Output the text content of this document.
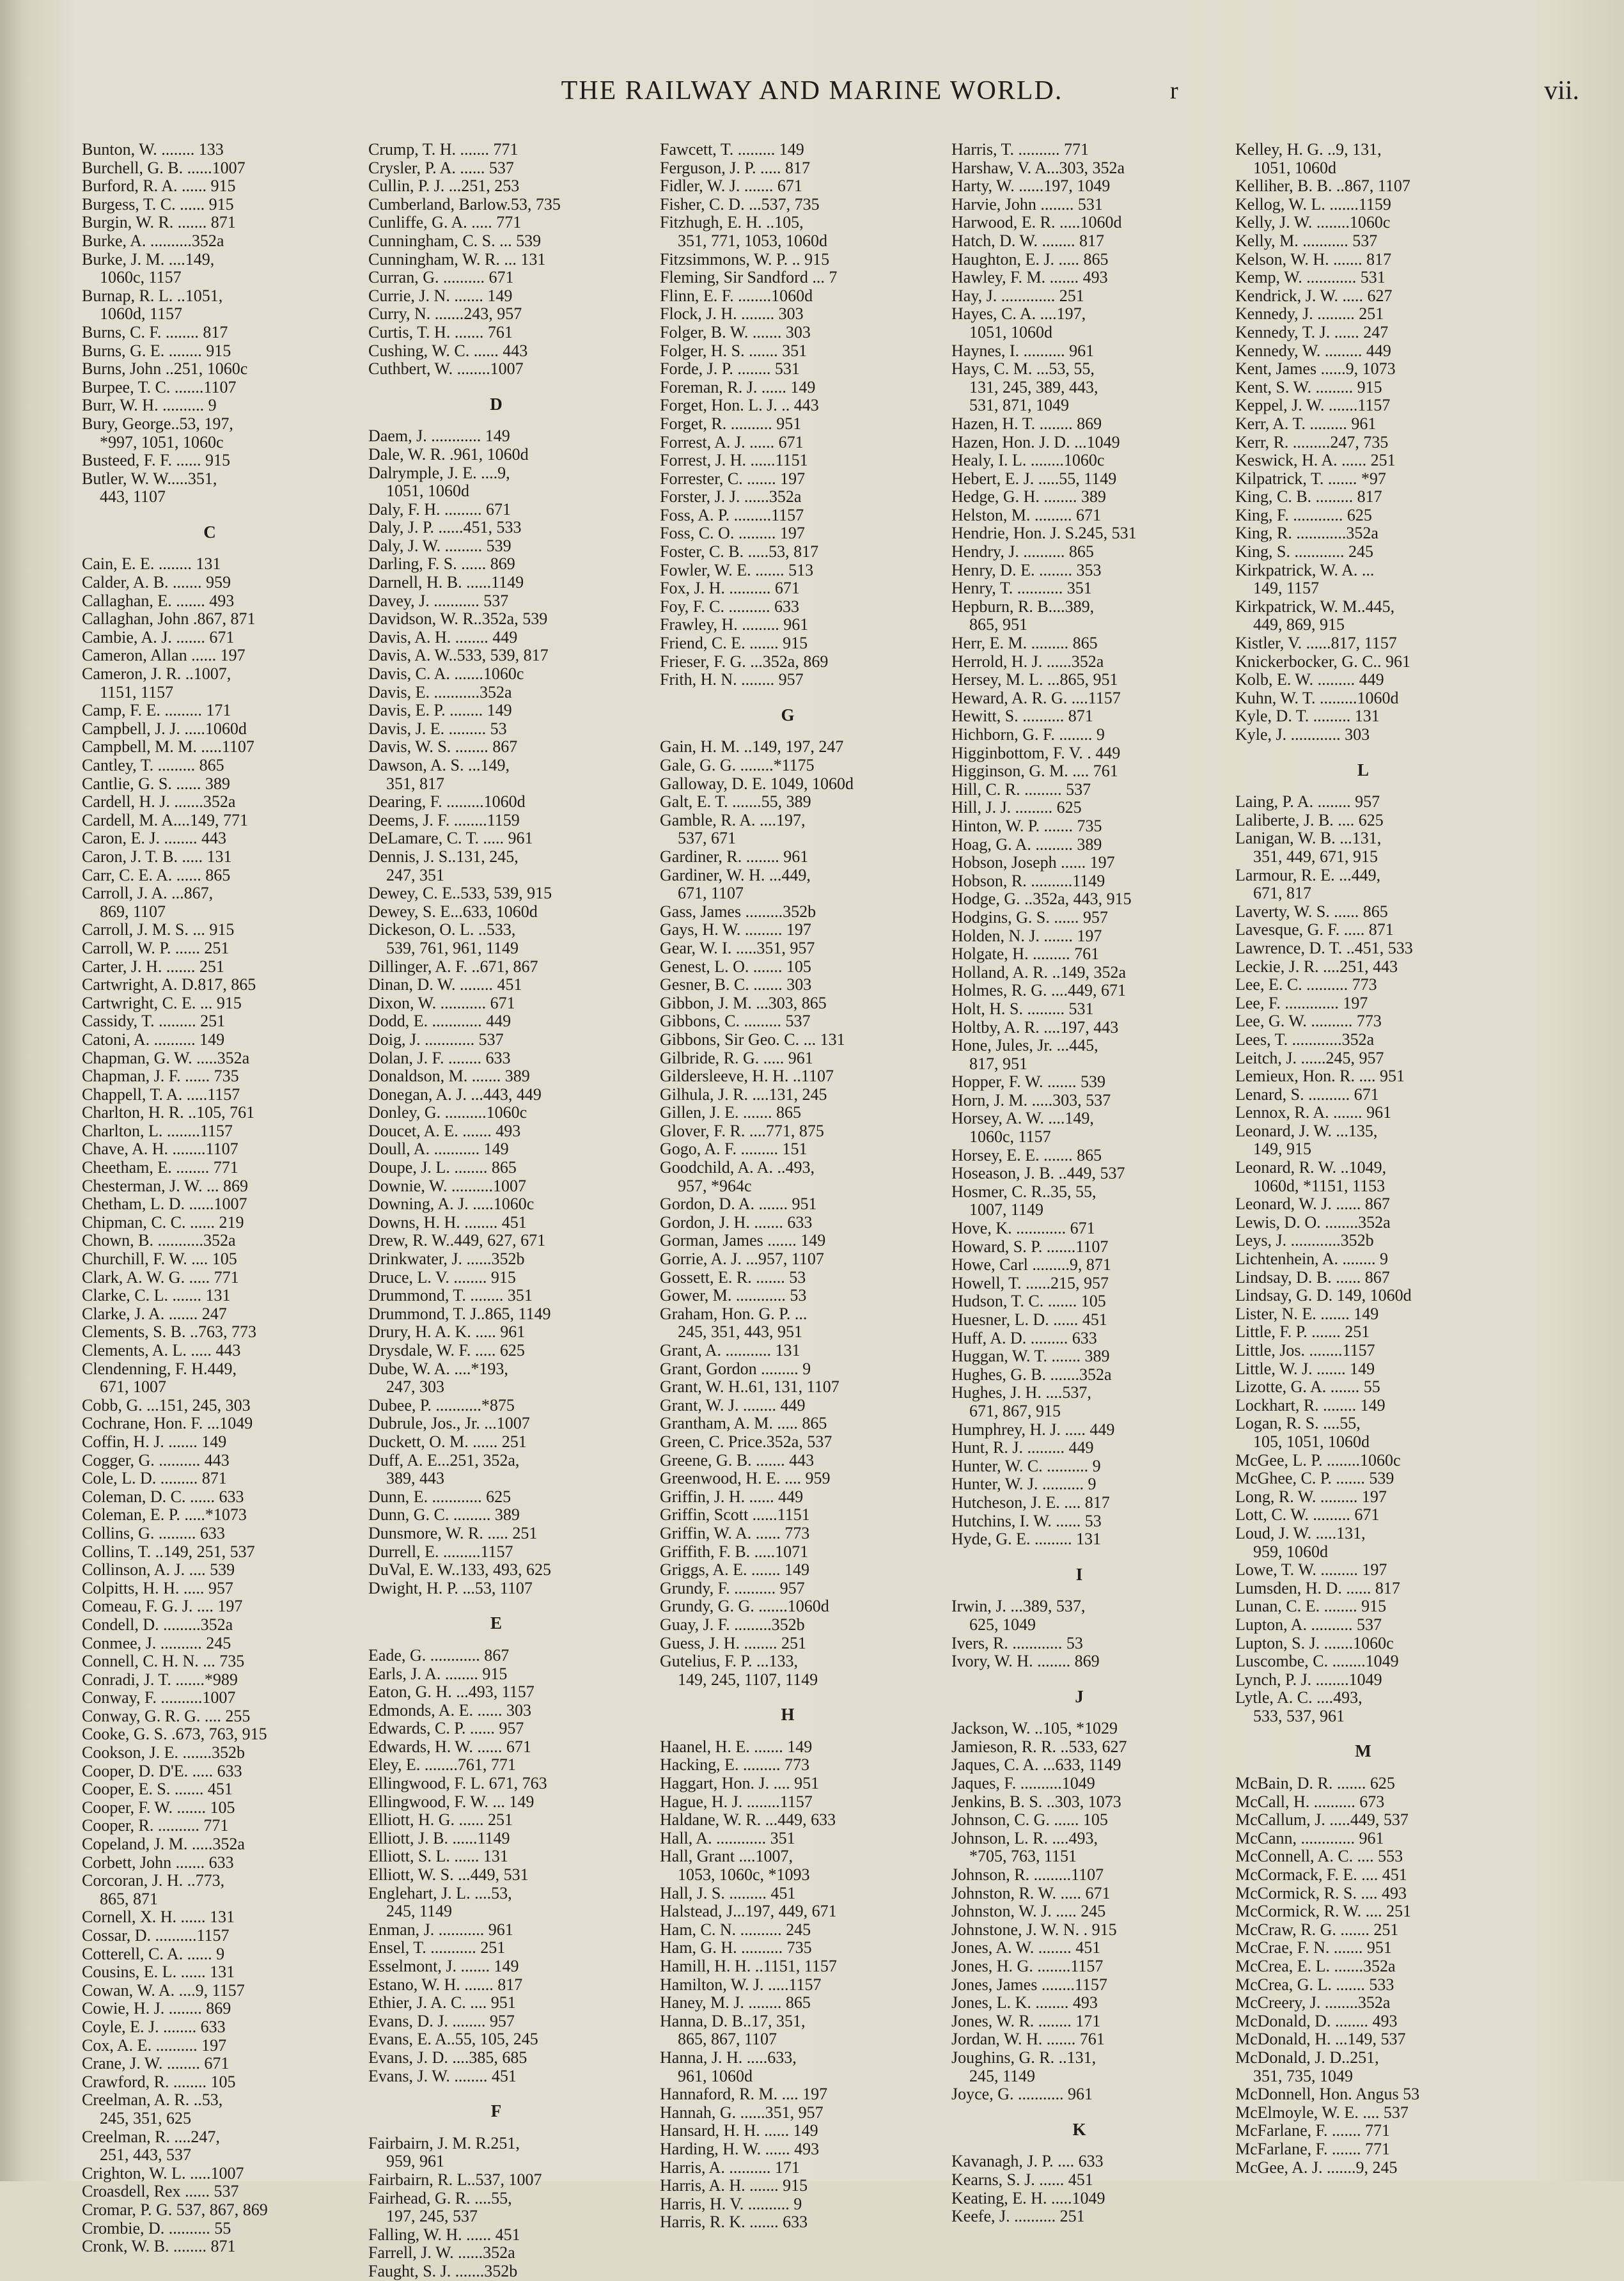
THE RAILWAY AND MARINE WORLD.	r	vii.
Bunton, W. ........ 133
Burchell, G. B. ......1007
Burford, R. A. ...... 915
Burgess, T. C. ...... 915
Burgin, W. R. ....... 871
Burke, A. ..........352a
Burke, J. M. ....149,
1060c, 1157
Burnap, R. L. ..1051,
1060d, 1157
Burns, C. F. ........ 817
Burns, G. E. ........ 915
Burns, John ..251, 1060c
Burpee, T. C. .......1107
Burr, W. H. .......... 9
Bury, George..53, 197,
*997, 1051, 1060c
Busteed, F. F. ...... 915
Butler, W. W.....351,
443, 1107
C
Cain, E. E. ........ 131
Calder, A. B. ....... 959
Callaghan, E. ....... 493
Callaghan, John .867, 871
Cambie, A. J. ....... 671
Cameron, Allan ...... 197
Cameron, J. R. ..1007,
1151, 1157
Camp, F. E. ......... 171
Campbell, J. J. .....1060d
Campbell, M. M. .....1107
Cantley, T. ......... 865
Cantlie, G. S. ...... 389
Cardell, H. J. .......352a
Cardell, M. A....149, 771
Caron, E. J. ........ 443
Caron, J. T. B. ..... 131
Carr, C. E. A. ...... 865
Carroll, J. A. ...867,
869, 1107
Carroll, J. M. S. ... 915
Carroll, W. P. ...... 251
Carter, J. H. ....... 251
Cartwright, A. D.817, 865
Cartwright, C. E. ... 915
Cassidy, T. ......... 251
Catoni, A. .......... 149
Chapman, G. W. .....352a
Chapman, J. F. ...... 735
Chappell, T. A. .....1157
Charlton, H. R. ..105, 761
Charlton, L. ........1157
Chave, A. H. ........1107
Cheetham, E. ........ 771
Chesterman, J. W. ... 869
Chetham, L. D. ......1007
Chipman, C. C. ...... 219
Chown, B. ...........352a
Churchill, F. W. .... 105
Clark, A. W. G. ..... 771
Clarke, C. L. ....... 131
Clarke, J. A. ....... 247
Clements, S. B. ..763, 773
Clements, A. L. ..... 443
Clendenning, F. H.449,
671, 1007
Cobb, G. ...151, 245, 303
Cochrane, Hon. F. ...1049
Coffin, H. J. ....... 149
Cogger, G. .......... 443
Cole, L. D. ......... 871
Coleman, D. C. ...... 633
Coleman, E. P. .....*1073
Collins, G. ......... 633
Collins, T. ..149, 251, 537
Collinson, A. J. .... 539
Colpitts, H. H. ..... 957
Comeau, F. G. J. .... 197
Condell, D. .........352a
Conmee, J. .......... 245
Connell, C. H. N. ... 735
Conradi, J. T. .......*989
Conway, F. ..........1007
Conway, G. R. G. .... 255
Cooke, G. S. .673, 763, 915
Cookson, J. E. .......352b
Cooper, D. D'E. ..... 633
Cooper, E. S. ....... 451
Cooper, F. W. ....... 105
Cooper, R. .......... 771
Copeland, J. M. .....352a
Corbett, John ....... 633
Corcoran, J. H. ..773,
865, 871
Cornell, X. H. ...... 131
Cossar, D. ..........1157
Cotterell, C. A. ...... 9
Cousins, E. L. ...... 131
Cowan, W. A. ....9, 1157
Cowie, H. J. ........ 869
Coyle, E. J. ........ 633
Cox, A. E. .......... 197
Crane, J. W. ........ 671
Crawford, R. ........ 105
Creelman, A. R. ..53,
245, 351, 625
Creelman, R. ....247,
251, 443, 537
Crighton, W. L. .....1007
Croasdell, Rex ...... 537
Cromar, P. G. 537, 867, 869
Crombie, D. .......... 55
Cronk, W. B. ........ 871
Crump, T. H. ....... 771
Crysler, P. A. ...... 537
Cullin, P. J. ...251, 253
Cumberland, Barlow.53, 735
Cunliffe, G. A. ..... 771
Cunningham, C. S. ... 539
Cunningham, W. R. ... 131
Curran, G. .......... 671
Currie, J. N. ....... 149
Curry, N. .......243, 957
Curtis, T. H. ....... 761
Cushing, W. C. ...... 443
Cuthbert, W. ........1007
D
Daem, J. ............ 149
Dale, W. R. .961, 1060d
Dalrymple, J. E. ....9,
1051, 1060d
Daly, F. H. ......... 671
Daly, J. P. ......451, 533
Daly, J. W. ......... 539
Darling, F. S. ...... 869
Darnell, H. B. ......1149
Davey, J. ........... 537
Davidson, W. R..352a, 539
Davis, A. H. ........ 449
Davis, A. W..533, 539, 817
Davis, C. A. .......1060c
Davis, E. ...........352a
Davis, E. P. ........ 149
Davis, J. E. ......... 53
Davis, W. S. ........ 867
Dawson, A. S. ...149,
351, 817
Dearing, F. .........1060d
Deems, J. F. ........1159
DeLamare, C. T. ..... 961
Dennis, J. S..131, 245,
247, 351
Dewey, C. E..533, 539, 915
Dewey, S. E...633, 1060d
Dickeson, O. L. ..533,
539, 761, 961, 1149
Dillinger, A. F. ..671, 867
Dinan, D. W. ........ 451
Dixon, W. ........... 671
Dodd, E. ............ 449
Doig, J. ............ 537
Dolan, J. F. ........ 633
Donaldson, M. ....... 389
Donegan, A. J. ...443, 449
Donley, G. ..........1060c
Doucet, A. E. ....... 493
Doull, A. ........... 149
Doupe, J. L. ........ 865
Downie, W. ..........1007
Downing, A. J. .....1060c
Downs, H. H. ........ 451
Drew, R. W..449, 627, 671
Drinkwater, J. ......352b
Druce, L. V. ........ 915
Drummond, T. ........ 351
Drummond, T. J..865, 1149
Drury, H. A. K. ..... 961
Drysdale, W. F. ..... 625
Dube, W. A. ....*193,
247, 303
Dubee, P. ...........*875
Dubrule, Jos., Jr. ...1007
Duckett, O. M. ...... 251
Duff, A. E...251, 352a,
389, 443
Dunn, E. ............ 625
Dunn, G. C. ......... 389
Dunsmore, W. R. ..... 251
Durrell, E. .........1157
DuVal, E. W..133, 493, 625
Dwight, H. P. ...53, 1107
E
Eade, G. ............ 867
Earls, J. A. ........ 915
Eaton, G. H. ...493, 1157
Edmonds, A. E. ...... 303
Edwards, C. P. ...... 957
Edwards, H. W. ...... 671
Eley, E. ........761, 771
Ellingwood, F. L. 671, 763
Ellingwood, F. W. ... 149
Elliott, H. G. ...... 251
Elliott, J. B. ......1149
Elliott, S. L. ...... 131
Elliott, W. S. ...449, 531
Englehart, J. L. ....53,
245, 1149
Enman, J. ........... 961
Ensel, T. ........... 251
Esselmont, J. ....... 149
Estano, W. H. ....... 817
Ethier, J. A. C. .... 951
Evans, D. J. ........ 957
Evans, E. A..55, 105, 245
Evans, J. D. ....385, 685
Evans, J. W. ........ 451
F
Fairbairn, J. M. R.251,
959, 961
Fairbairn, R. L..537, 1007
Fairhead, G. R. ....55,
197, 245, 537
Falling, W. H. ...... 451
Farrell, J. W. ......352a
Faught, S. J. .......352b
Fawcett, T. ......... 149
Ferguson, J. P. ..... 817
Fidler, W. J. ....... 671
Fisher, C. D. ...537, 735
Fitzhugh, E. H. ..105,
351, 771, 1053, 1060d
Fitzsimmons, W. P. .. 915
Fleming, Sir Sandford ... 7
Flinn, E. F. ........1060d
Flock, J. H. ........ 303
Folger, B. W. ....... 303
Folger, H. S. ....... 351
Forde, J. P. ........ 531
Foreman, R. J. ...... 149
Forget, Hon. L. J. .. 443
Forget, R. .......... 951
Forrest, A. J. ...... 671
Forrest, J. H. ......1151
Forrester, C. ....... 197
Forster, J. J. ......352a
Foss, A. P. .........1157
Foss, C. O. ......... 197
Foster, C. B. .....53, 817
Fowler, W. E. ....... 513
Fox, J. H. .......... 671
Foy, F. C. .......... 633
Frawley, H. ......... 961
Friend, C. E. ....... 915
Frieser, F. G. ...352a, 869
Frith, H. N. ........ 957
G
Gain, H. M. ..149, 197, 247
Gale, G. G. ........*1175
Galloway, D. E. 1049, 1060d
Galt, E. T. .......55, 389
Gamble, R. A. ....197,
537, 671
Gardiner, R. ........ 961
Gardiner, W. H. ...449,
671, 1107
Gass, James .........352b
Gays, H. W. ......... 197
Gear, W. I. .....351, 957
Genest, L. O. ....... 105
Gesner, B. C. ....... 303
Gibbon, J. M. ...303, 865
Gibbons, C. ......... 537
Gibbons, Sir Geo. C. ... 131
Gilbride, R. G. ..... 961
Gildersleeve, H. H. ..1107
Gilhula, J. R. ....131, 245
Gillen, J. E. ....... 865
Glover, F. R. ....771, 875
Gogo, A. F. ......... 151
Goodchild, A. A. ..493,
957, *964c
Gordon, D. A. ....... 951
Gordon, J. H. ....... 633
Gorman, James ....... 149
Gorrie, A. J. ...957, 1107
Gossett, E. R. ....... 53
Gower, M. ............ 53
Graham, Hon. G. P. ...
245, 351, 443, 951
Grant, A. ........... 131
Grant, Gordon ......... 9
Grant, W. H..61, 131, 1107
Grant, W. J. ........ 449
Grantham, A. M. ..... 865
Green, C. Price.352a, 537
Greene, G. B. ....... 443
Greenwood, H. E. .... 959
Griffin, J. H. ...... 449
Griffin, Scott ......1151
Griffin, W. A. ...... 773
Griffith, F. B. .....1071
Griggs, A. E. ....... 149
Grundy, F. .......... 957
Grundy, G. G. .......1060d
Guay, J. F. .........352b
Guess, J. H. ........ 251
Gutelius, F. P. ...133,
149, 245, 1107, 1149
H
Haanel, H. E. ....... 149
Hacking, E. ......... 773
Haggart, Hon. J. .... 951
Hague, H. J. ........1157
Haldane, W. R. ...449, 633
Hall, A. ............ 351
Hall, Grant ....1007,
1053, 1060c, *1093
Hall, J. S. ......... 451
Halstead, J...197, 449, 671
Ham, C. N. .......... 245
Ham, G. H. .......... 735
Hamill, H. H. ..1151, 1157
Hamilton, W. J. .....1157
Haney, M. J. ........ 865
Hanna, D. B..17, 351,
865, 867, 1107
Hanna, J. H. .....633,
961, 1060d
Hannaford, R. M. .... 197
Hannah, G. ......351, 957
Hansard, H. H. ...... 149
Harding, H. W. ...... 493
Harris, A. .......... 171
Harris, A. H. ....... 915
Harris, H. V. .......... 9
Harris, R. K. ....... 633
Harris, T. .......... 771
Harshaw, V. A...303, 352a
Harty, W. ......197, 1049
Harvie, John ........ 531
Harwood, E. R. .....1060d
Hatch, D. W. ........ 817
Haughton, E. J. ..... 865
Hawley, F. M. ....... 493
Hay, J. ............. 251
Hayes, C. A. ....197,
1051, 1060d
Haynes, I. .......... 961
Hays, C. M. ...53, 55,
131, 245, 389, 443,
531, 871, 1049
Hazen, H. T. ........ 869
Hazen, Hon. J. D. ...1049
Healy, I. L. ........1060c
Hebert, E. J. .....55, 1149
Hedge, G. H. ........ 389
Helston, M. ......... 671
Hendrie, Hon. J. S.245, 531
Hendry, J. .......... 865
Henry, D. E. ........ 353
Henry, T. ........... 351
Hepburn, R. B....389,
865, 951
Herr, E. M. ......... 865
Herrold, H. J. ......352a
Hersey, M. L. ...865, 951
Heward, A. R. G. ....1157
Hewitt, S. .......... 871
Hichborn, G. F. ........ 9
Higginbottom, F. V. . 449
Higginson, G. M. .... 761
Hill, C. R. ......... 537
Hill, J. J. ......... 625
Hinton, W. P. ....... 735
Hoag, G. A. ......... 389
Hobson, Joseph ...... 197
Hobson, R. ..........1149
Hodge, G. ..352a, 443, 915
Hodgins, G. S. ...... 957
Holden, N. J. ....... 197
Holgate, H. ......... 761
Holland, A. R. ..149, 352a
Holmes, R. G. ....449, 671
Holt, H. S. ......... 531
Holtby, A. R. ....197, 443
Hone, Jules, Jr. ...445,
817, 951
Hopper, F. W. ....... 539
Horn, J. M. .....303, 537
Horsey, A. W. ....149,
1060c, 1157
Horsey, E. E. ....... 865
Hoseason, J. B. ..449, 537
Hosmer, C. R..35, 55,
1007, 1149
Hove, K. ............ 671
Howard, S. P. .......1107
Howe, Carl .........9, 871
Howell, T. ......215, 957
Hudson, T. C. ....... 105
Huesner, L. D. ...... 451
Huff, A. D. ......... 633
Huggan, W. T. ....... 389
Hughes, G. B. .......352a
Hughes, J. H. ....537,
671, 867, 915
Humphrey, H. J. ..... 449
Hunt, R. J. ......... 449
Hunter, W. C. .......... 9
Hunter, W. J. .......... 9
Hutcheson, J. E. .... 817
Hutchins, I. W. ...... 53
Hyde, G. E. ......... 131
I
Irwin, J. ...389, 537,
625, 1049
Ivers, R. ............ 53
Ivory, W. H. ........ 869
J
Jackson, W. ..105, *1029
Jamieson, R. R. ..533, 627
Jaques, C. A. ...633, 1149
Jaques, F. ..........1049
Jenkins, B. S. ..303, 1073
Johnson, C. G. ...... 105
Johnson, L. R. ....493,
*705, 763, 1151
Johnson, R. .........1107
Johnston, R. W. ..... 671
Johnston, W. J. ..... 245
Johnstone, J. W. N. . 915
Jones, A. W. ........ 451
Jones, H. G. ........1157
Jones, James ........1157
Jones, L. K. ........ 493
Jones, W. R. ........ 171
Jordan, W. H. ....... 761
Joughins, G. R. ..131,
245, 1149
Joyce, G. ........... 961
K
Kavanagh, J. P. .... 633
Kearns, S. J. ...... 451
Keating, E. H. .....1049
Keefe, J. .......... 251
Kelley, H. G. ..9, 131,
1051, 1060d
Kelliher, B. B. ..867, 1107
Kellog, W. L. .......1159
Kelly, J. W. ........1060c
Kelly, M. ........... 537
Kelson, W. H. ....... 817
Kemp, W. ............ 531
Kendrick, J. W. ..... 627
Kennedy, J. ......... 251
Kennedy, T. J. ...... 247
Kennedy, W. ......... 449
Kent, James ......9, 1073
Kent, S. W. ......... 915
Keppel, J. W. .......1157
Kerr, A. T. ......... 961
Kerr, R. .........247, 735
Keswick, H. A. ...... 251
Kilpatrick, T. ....... *97
King, C. B. ......... 817
King, F. ............ 625
King, R. ............352a
King, S. ............ 245
Kirkpatrick, W. A. ...
149, 1157
Kirkpatrick, W. M..445,
449, 869, 915
Kistler, V. ......817, 1157
Knickerbocker, G. C.. 961
Kolb, E. W. ......... 449
Kuhn, W. T. .........1060d
Kyle, D. T. ......... 131
Kyle, J. ............ 303
L
Laing, P. A. ........ 957
Laliberte, J. B. .... 625
Lanigan, W. B. ...131,
351, 449, 671, 915
Larmour, R. E. ...449,
671, 817
Laverty, W. S. ...... 865
Lavesque, G. F. ..... 871
Lawrence, D. T. ..451, 533
Leckie, J. R. ....251, 443
Lee, E. C. .......... 773
Lee, F. ............. 197
Lee, G. W. .......... 773
Lees, T. ............352a
Leitch, J. ......245, 957
Lemieux, Hon. R. .... 951
Lenard, S. .......... 671
Lennox, R. A. ....... 961
Leonard, J. W. ...135,
149, 915
Leonard, R. W. ..1049,
1060d, *1151, 1153
Leonard, W. J. ...... 867
Lewis, D. O. ........352a
Leys, J. ............352b
Lichtenhein, A. ........ 9
Lindsay, D. B. ...... 867
Lindsay, G. D. 149, 1060d
Lister, N. E. ....... 149
Little, F. P. ....... 251
Little, Jos. ........1157
Little, W. J. ....... 149
Lizotte, G. A. ....... 55
Lockhart, R. ........ 149
Logan, R. S. ....55,
105, 1051, 1060d
McGee, L. P. ........1060c
McGhee, C. P. ....... 539
Long, R. W. ......... 197
Lott, C. W. ......... 671
Loud, J. W. .....131,
959, 1060d
Lowe, T. W. ......... 197
Lumsden, H. D. ...... 817
Lunan, C. E. ........ 915
Lupton, A. .......... 537
Lupton, S. J. .......1060c
Luscombe, C. ........1049
Lynch, P. J. ........1049
Lytle, A. C. ....493,
533, 537, 961
M
McBain, D. R. ....... 625
McCall, H. .......... 673
McCallum, J. .....449, 537
McCann, ............. 961
McConnell, A. C. .... 553
McCormack, F. E. .... 451
McCormick, R. S. .... 493
McCormick, R. W. .... 251
McCraw, R. G. ....... 251
McCrae, F. N. ....... 951
McCrea, E. L. .......352a
McCrea, G. L. ....... 533
McCreery, J. ........352a
McDonald, D. ........ 493
McDonald, H. ...149, 537
McDonald, J. D..251,
351, 735, 1049
McDonnell, Hon. Angus 53
McElmoyle, W. E. .... 537
McFarlane, F. ....... 771
McFarlane, F. ....... 771
McGee, A. J. .......9, 245
